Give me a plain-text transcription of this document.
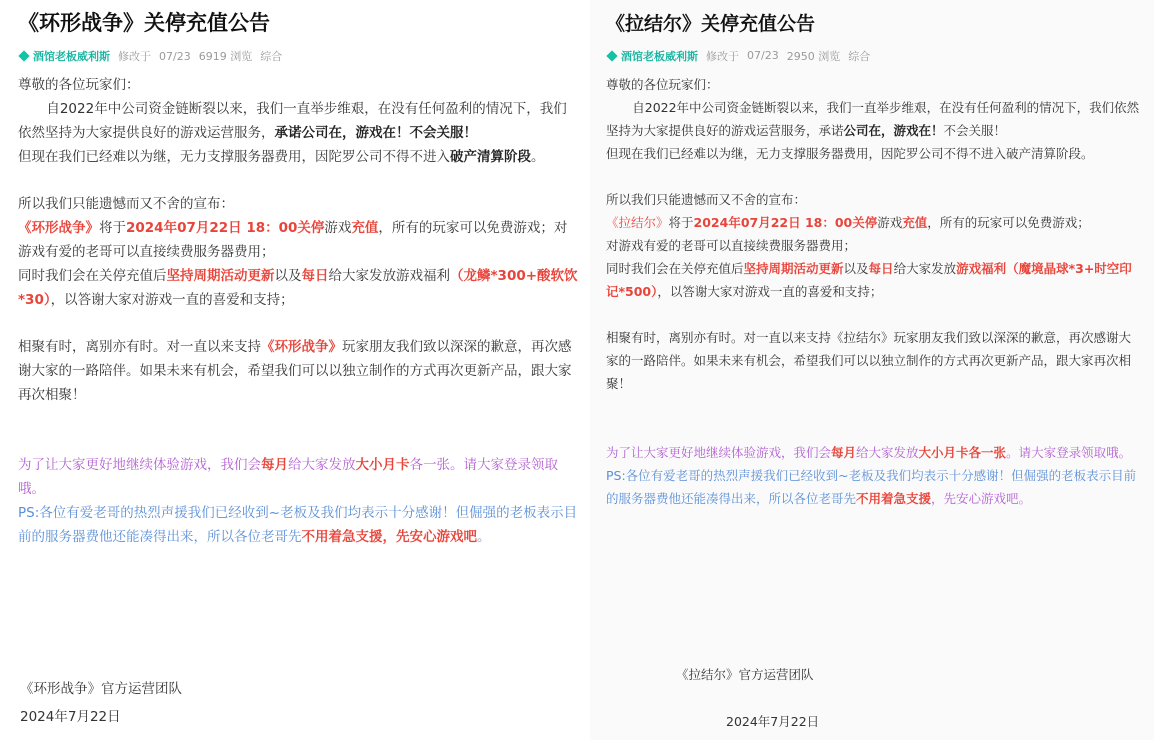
《环形战争》关停充值公告
酒馆老板威利斯 修改于 07/23 6919 浏览 综合

尊敬的各位玩家们：

自2022年中公司资金链断裂以来，我们一直举步维艰，在没有任何盈利的情况下，我们依然坚持为大家提供良好的游戏运营服务，承诺公司在，游戏在！不会关服！

但现在我们已经难以为继，无力支撑服务器费用，因陀罗公司不得不进入破产清算阶段。

所以我们只能遗憾而又不舍的宣布：

《环形战争》将于2024年07月22日 18：00关停游戏充值，所有的玩家可以免费游戏；对游戏有爱的老哥可以直接续费服务器费用；

同时我们会在关停充值后坚持周期活动更新以及每日给大家发放游戏福利（龙鳞*300+酸软饮*30），以答谢大家对游戏一直的喜爱和支持；

相聚有时，离别亦有时。对一直以来支持《环形战争》玩家朋友我们致以深深的歉意，再次感谢大家的一路陪伴。如果未来有机会，希望我们可以以独立制作的方式再次更新产品，跟大家再次相聚！

为了让大家更好地继续体验游戏，我们会每月给大家发放大小月卡各一张。请大家登录领取哦。

PS:各位有爱老哥的热烈声援我们已经收到~老板及我们均表示十分感谢！但倔强的老板表示目前的服务器费他还能凑得出来，所以各位老哥先不用着急支援，先安心游戏吧。

《环形战争》官方运营团队
2024年7月22日
《拉结尔》关停充值公告
酒馆老板威利斯 修改于 07/23 2950 浏览 综合

尊敬的各位玩家们：

自2022年中公司资金链断裂以来，我们一直举步维艰，在没有任何盈利的情况下，我们依然坚持为大家提供良好的游戏运营服务，承诺公司在，游戏在！不会关服！

但现在我们已经难以为继，无力支撑服务器费用，因陀罗公司不得不进入破产清算阶段。

所以我们只能遗憾而又不舍的宣布：

《拉结尔》将于2024年07月22日 18：00关停游戏充值，所有的玩家可以免费游戏；

对游戏有爱的老哥可以直接续费服务器费用；

同时我们会在关停充值后坚持周期活动更新以及每日给大家发放游戏福利（魔境晶球*3+时空印记*500），以答谢大家对游戏一直的喜爱和支持；

相聚有时，离别亦有时。对一直以来支持《拉结尔》玩家朋友我们致以深深的歉意，再次感谢大家的一路陪伴。如果未来有机会，希望我们可以以独立制作的方式再次更新产品，跟大家再次相聚！

为了让大家更好地继续体验游戏，我们会每月给大家发放大小月卡各一张。请大家登录领取哦。

PS:各位有爱老哥的热烈声援我们已经收到~老板及我们均表示十分感谢！但倔强的老板表示目前的服务器费他还能凑得出来，所以各位老哥先不用着急支援，先安心游戏吧。

《拉结尔》官方运营团队
2024年7月22日
